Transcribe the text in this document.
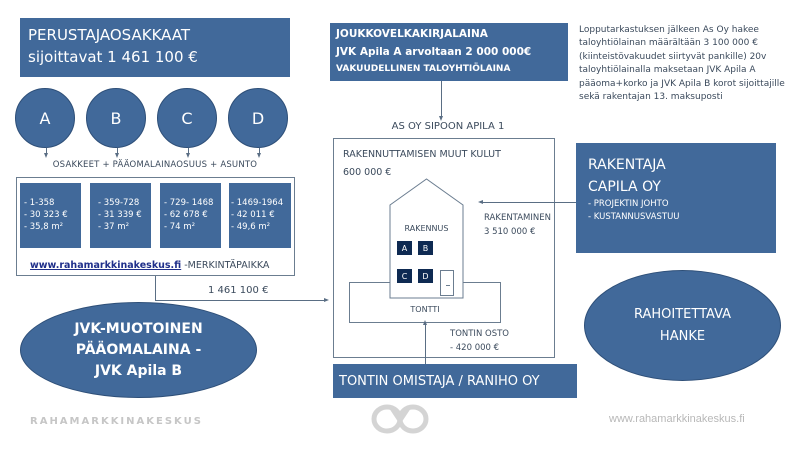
PERUSTAJAOSAKKAAT
sijoittavat 1 461 100 €
A	B	C	D
OSAKKEET + PÄÄOMALAINAOSUUS + ASUNTO
- 1-358
- 30 323 €
- 35,8 m²
- 359-728
- 31 339 €
- 37 m²
- 729- 1468
- 62 678 €
- 74 m²
- 1469-1964
- 42 011 €
- 49,6 m²
www.rahamarkkinakeskus.fi -MERKINTÄPAIKKA
1 461 100 €
JVK-MUOTOINEN
PÄÄOMALAINA -
JVK Apila B
RAHAMARKKINAKESKUS
JOUKKOVELKAKIRJALAINA
JVK Apila A arvoltaan 2 000 000€
VAKUUDELLINEN TALOYHTIÖLAINA
AS OY SIPOON APILA 1
RAKENNUTTAMISEN MUUT KULUT
600 000 €
RAKENNUS
A	B
C	D
TONTTI
RAKENTAMINEN
3 510 000 €
TONTIN OSTO
- 420 000 €
TONTIN OMISTAJA / RANIHO OY
Lopputarkastuksen jälkeen As Oy hakee taloyhtiölainan määrältään 3 100 000 € (kiinteistövakuudet siirtyvät pankille) 20v taloyhtiölainalla maksetaan JVK Apila A pääoma+korko ja JVK Apila B korot sijoittajille sekä rakentajan 13. maksuposti
RAKENTAJA
CAPILA OY
- PROJEKTIN JOHTO
- KUSTANNUSVASTUU
RAHOITETTAVA
HANKE
www.rahamarkkinakeskus.fi
